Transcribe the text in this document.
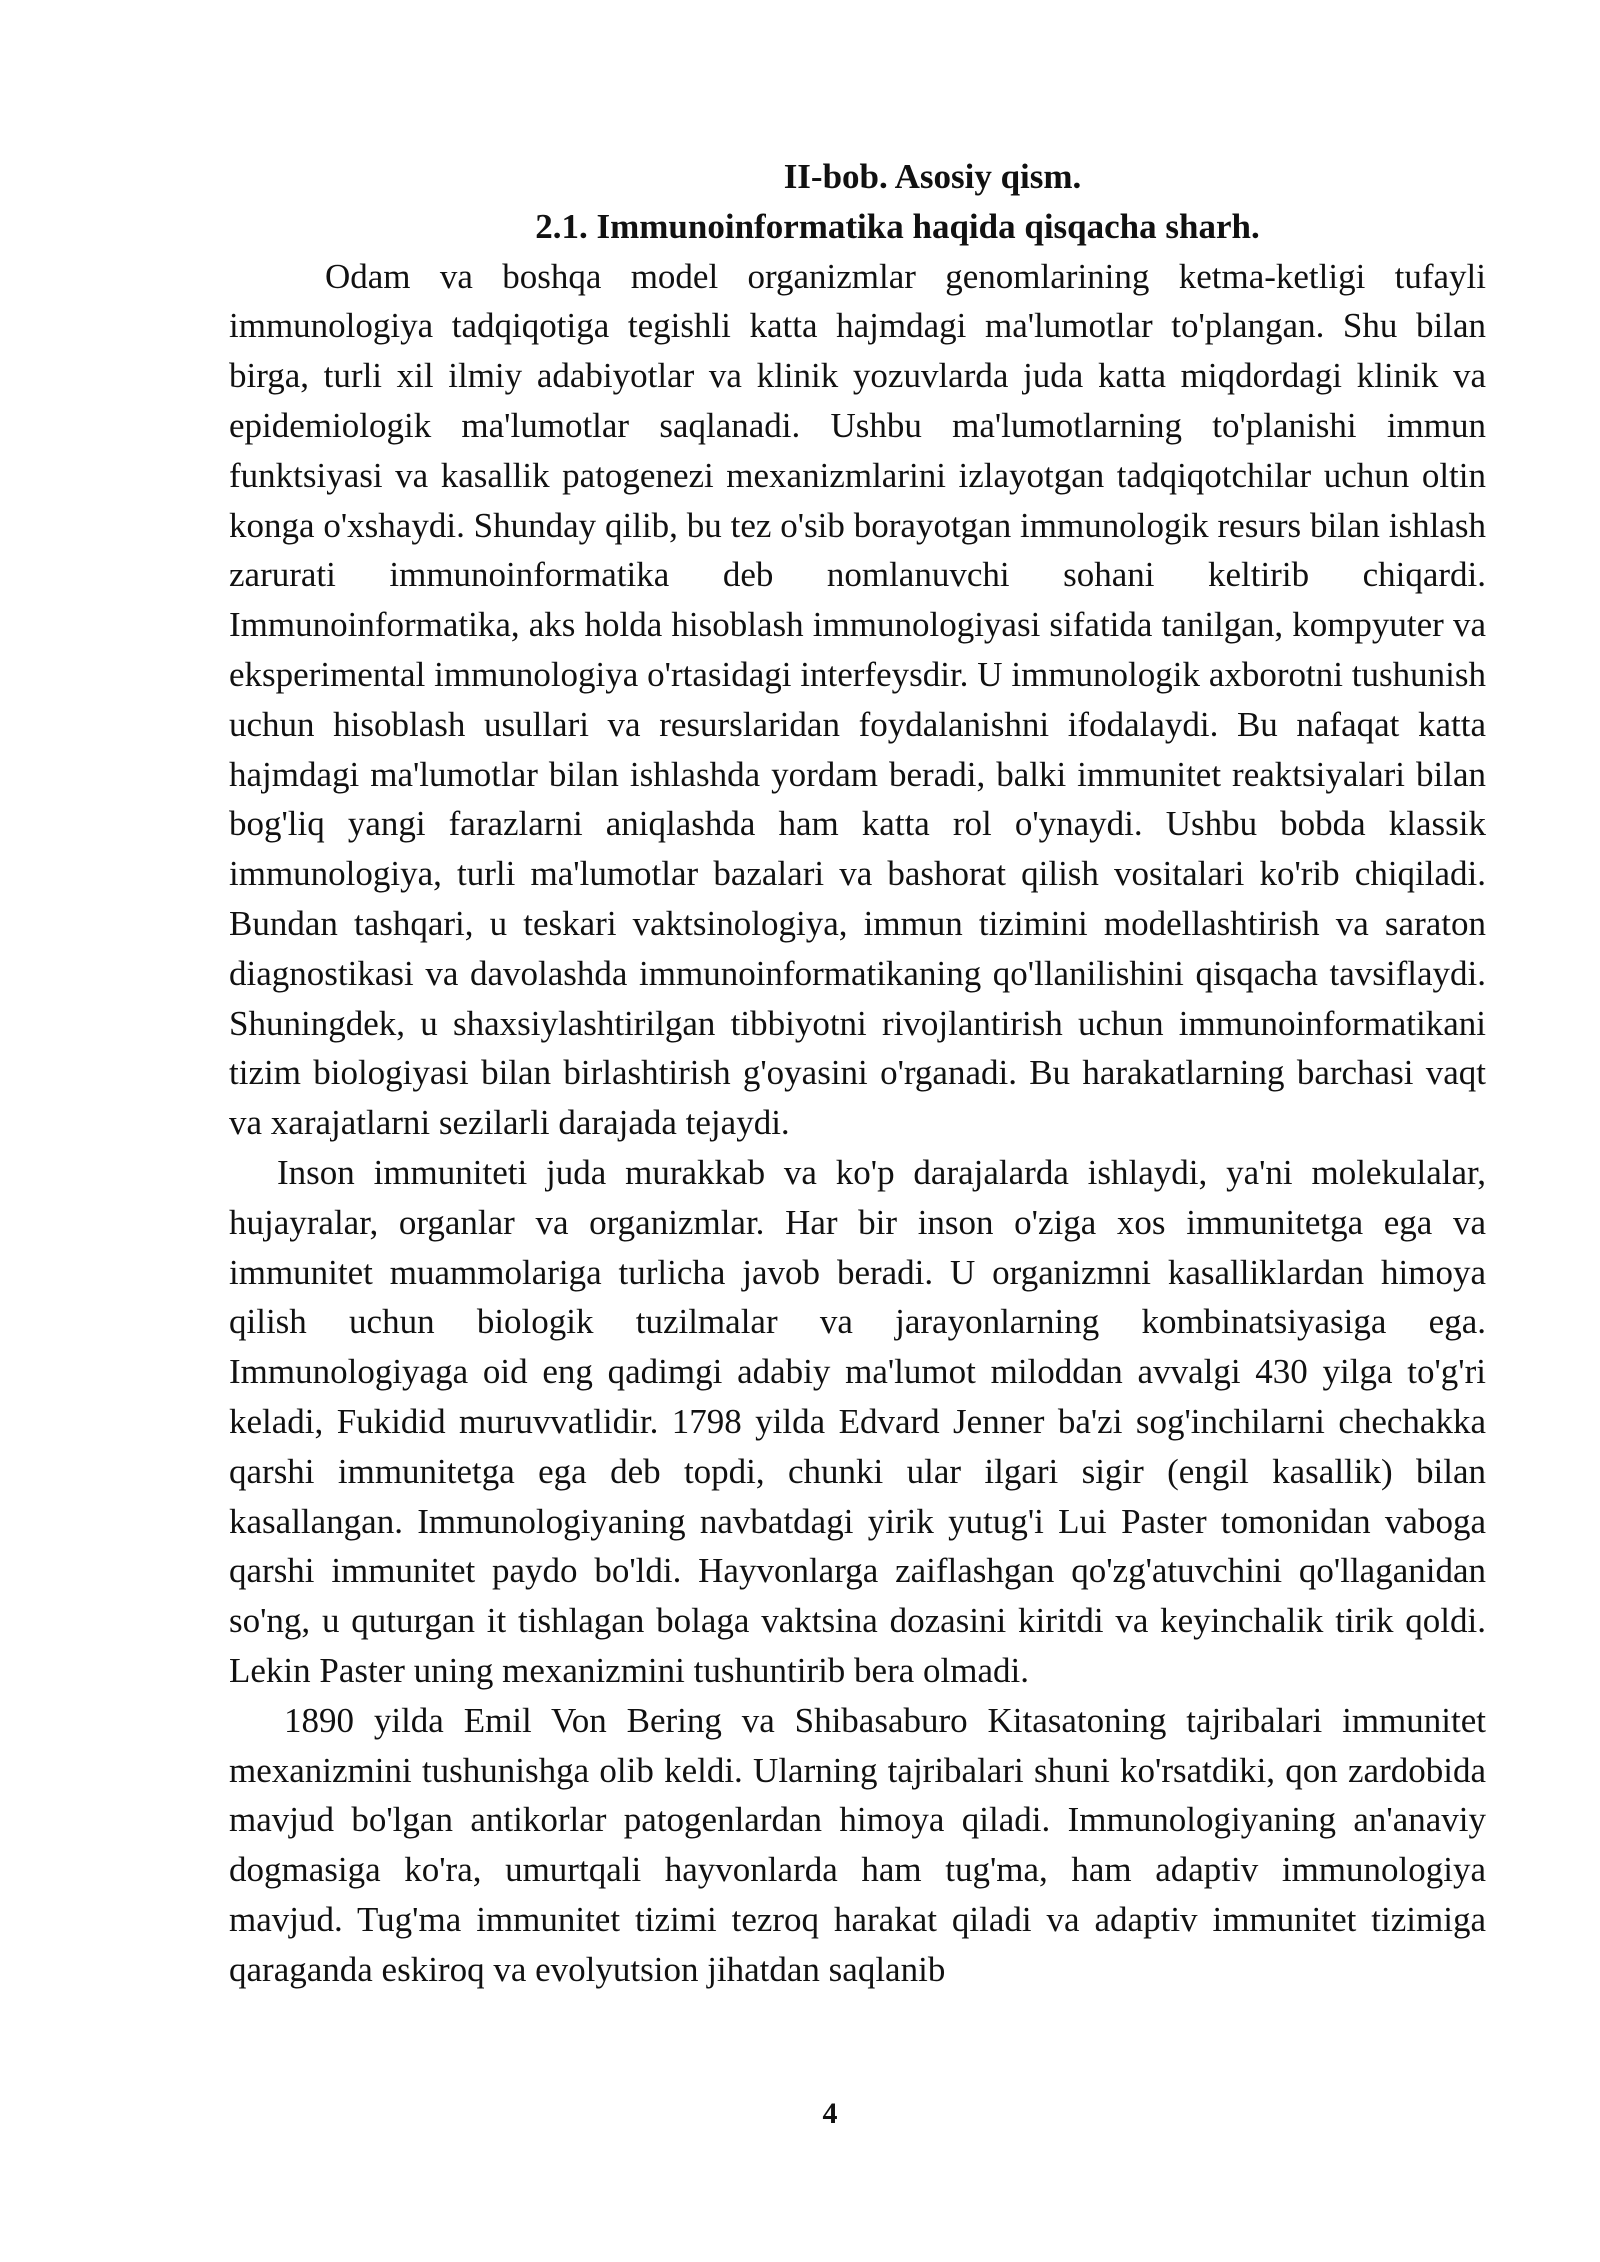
II-bob. Asosiy qism.
2.1. Immunoinformatika haqida qisqacha sharh.

Odam va boshqa model organizmlar genomlarining ketma-ketligi tufayli immunologiya tadqiqotiga tegishli katta hajmdagi ma'lumotlar to'plangan. Shu bilan birga, turli xil ilmiy adabiyotlar va klinik yozuvlarda juda katta miqdordagi klinik va epidemiologik ma'lumotlar saqlanadi. Ushbu ma'lumotlarning to'planishi immun funktsiyasi va kasallik patogenezi mexanizmlarini izlayotgan tadqiqotchilar uchun oltin konga o'xshaydi. Shunday qilib, bu tez o'sib borayotgan immunologik resurs bilan ishlash zarurati immunoinformatika deb nomlanuvchi sohani keltirib chiqardi. Immunoinformatika, aks holda hisoblash immunologiyasi sifatida tanilgan, kompyuter va eksperimental immunologiya o'rtasidagi interfeysdir. U immunologik axborotni tushunish uchun hisoblash usullari va resurslaridan foydalanishni ifodalaydi. Bu nafaqat katta hajmdagi ma'lumotlar bilan ishlashda yordam beradi, balki immunitet reaktsiyalari bilan bog'liq yangi farazlarni aniqlashda ham katta rol o'ynaydi. Ushbu bobda klassik immunologiya, turli ma'lumotlar bazalari va bashorat qilish vositalari ko'rib chiqiladi. Bundan tashqari, u teskari vaktsinologiya, immun tizimini modellashtirish va saraton diagnostikasi va davolashda immunoinformatikaning qo'llanilishini qisqacha tavsiflaydi. Shuningdek, u shaxsiylashtirilgan tibbiyotni rivojlantirish uchun immunoinformatikani tizim biologiyasi bilan birlashtirish g'oyasini o'rganadi. Bu harakatlarning barchasi vaqt va xarajatlarni sezilarli darajada tejaydi.

Inson immuniteti juda murakkab va ko'p darajalarda ishlaydi, ya'ni molekulalar, hujayralar, organlar va organizmlar. Har bir inson o'ziga xos immunitetga ega va immunitet muammolariga turlicha javob beradi. U organizmni kasalliklardan himoya qilish uchun biologik tuzilmalar va jarayonlarning kombinatsiyasiga ega. Immunologiyaga oid eng qadimgi adabiy ma'lumot miloddan avvalgi 430 yilga to'g'ri keladi, Fukidid muruvvatlidir. 1798 yilda Edvard Jenner ba'zi sog'inchilarni chechakka qarshi immunitetga ega deb topdi, chunki ular ilgari sigir (engil kasallik) bilan kasallangan. Immunologiyaning navbatdagi yirik yutug'i Lui Paster tomonidan vaboga qarshi immunitet paydo bo'ldi. Hayvonlarga zaiflashgan qo'zg'atuvchini qo'llaganidan so'ng, u quturgan it tishlagan bolaga vaktsina dozasini kiritdi va keyinchalik tirik qoldi. Lekin Paster uning mexanizmini tushuntirib bera olmadi.

1890 yilda Emil Von Bering va Shibasaburo Kitasatoning tajribalari immunitet mexanizmini tushunishga olib keldi. Ularning tajribalari shuni ko'rsatdiki, qon zardobida mavjud bo'lgan antikorlar patogenlardan himoya qiladi. Immunologiyaning an'anaviy dogmasiga ko'ra, umurtqali hayvonlarda ham tug'ma, ham adaptiv immunologiya mavjud. Tug'ma immunitet tizimi tezroq harakat qiladi va adaptiv immunitet tizimiga qaraganda eskiroq va evolyutsion jihatdan saqlanib

4
